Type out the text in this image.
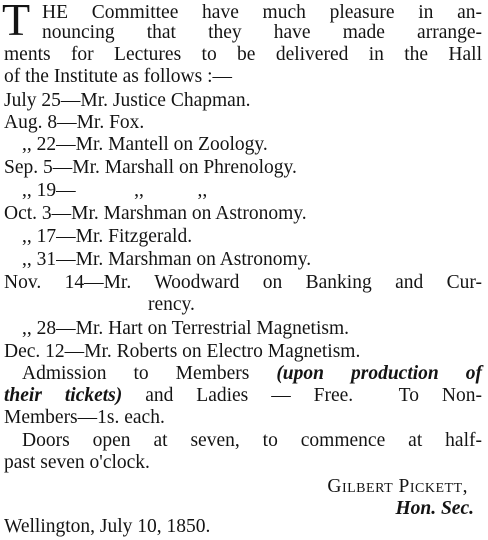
T HE Committee have much pleasure in an-
nouncing that they have made arrange-
ments for Lectures to be delivered in the Hall
of the Institute as follows :—
July 25—Mr. Justice Chapman.
Aug. 8—Mr. Fox.
,, 22—Mr. Mantell on Zoology.
Sep. 5—Mr. Marshall on Phrenology.
,, 19—            ,,           ,,
Oct. 3—Mr. Marshman on Astronomy.
,, 17—Mr. Fitzgerald.
,, 31—Mr. Marshman on Astronomy.
Nov. 14—Mr. Woodward on Banking and Cur-
rency.
,, 28—Mr. Hart on Terrestrial Magnetism.
Dec. 12—Mr. Roberts on Electro Magnetism.
Admission to Members (upon production of
their tickets) and Ladies — Free.  To Non-
Members—1s. each.
Doors open at seven, to commence at half-
past seven o'clock.
Gilbert Pickett,
Hon. Sec.
Wellington, July 10, 1850.
